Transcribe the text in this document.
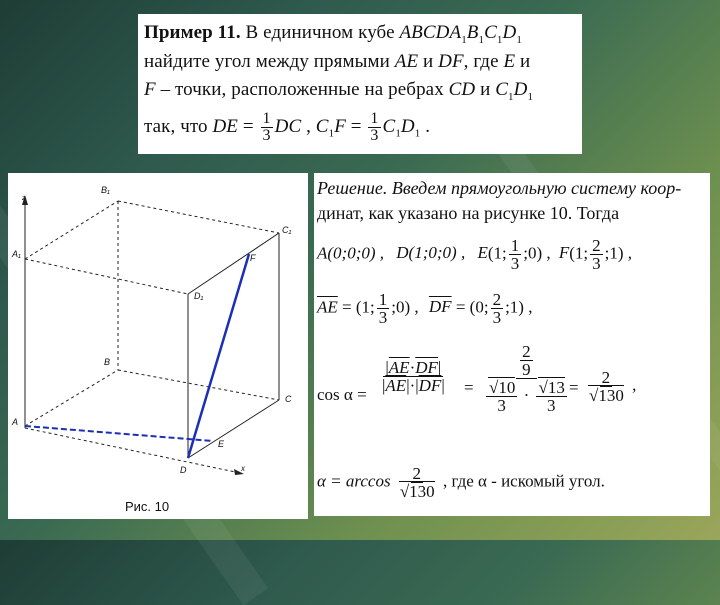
Пример 11. В единичном кубе $ABCDA_1B_1C_1D_1$
найдите угол между прямыми AE и DF, где E и
F – точки, расположенные на ребрах CD и $C_1D_1$
так, что DE = $\frac{1}{3}$ DC , $C_1F = \frac{1}{3} C_1D_1$ .
B₁
C₁
A₁
D₁
B
C
A
D
E
F
z
x
Рис. 10
Решение. Введем прямоугольную систему коор-
динат, как указано на рисунке 10. Тогда
A(0;0;0) , D(1;0;0) , E(1; $\frac{1}{3}$ ;0) , F(1; $\frac{2}{3}$ ;1) ,
$\overline{AE} = (1$; $\frac{1}{3}$ ;0) , $\overline{DF} = (0$; $\frac{2}{3}$ ;1) ,
cos α =
$\frac{|\overline{AE}\cdot\overline{DF}|}{|\overline{AE}|\cdot|\overline{DF}|} = \frac{\frac{2}{9}}{\frac{√10}{3} \cdot \frac{√13}{3}}$
= $\frac{2}{√130}$ ,
$\alpha = \arccos \frac{2}{√130}$ , где α - искомый угол.
